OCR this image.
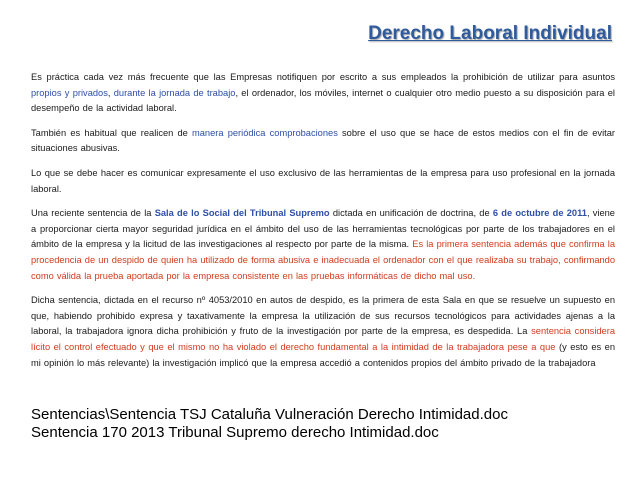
Derecho Laboral Individual

Es práctica cada vez más frecuente que las Empresas notifiquen por escrito a sus empleados la prohibición de utilizar para asuntos propios y privados, durante la jornada de trabajo, el ordenador, los móviles, internet o cualquier otro medio puesto a su disposición para el desempeño de la actividad laboral.

También es habitual que realicen de manera periódica comprobaciones sobre el uso que se hace de estos medios con el fin de evitar situaciones abusivas.

Lo que se debe hacer es comunicar expresamente el uso exclusivo de las herramientas de la empresa para uso profesional en la jornada laboral.

Una reciente sentencia de la Sala de lo Social del Tribunal Supremo dictada en unificación de doctrina, de 6 de octubre de 2011, viene a proporcionar cierta mayor seguridad jurídica en el ámbito del uso de las herramientas tecnológicas por parte de los trabajadores en el ámbito de la empresa y la licitud de las investigaciones al respecto por parte de la misma. Es la primera sentencia además que confirma la procedencia de un despido de quien ha utilizado de forma abusiva e inadecuada el ordenador con el que realizaba su trabajo, confirmando como válida la prueba aportada por la empresa consistente en las pruebas informáticas de dicho mal uso.

Dicha sentencia, dictada en el recurso nº 4053/2010 en autos de despido, es la primera de esta Sala en que se resuelve un supuesto en que, habiendo prohibido expresa y taxativamente la empresa la utilización de sus recursos tecnológicos para actividades ajenas a la laboral, la trabajadora ignora dicha prohibición y fruto de la investigación por parte de la empresa, es despedida. La sentencia considera lícito el control efectuado y que el mismo no ha violado el derecho fundamental a la intimidad de la trabajadora pese a que (y esto es en mi opinión lo más relevante) la investigación implicó que la empresa accedió a contenidos propios del ámbito privado de la trabajadora

Sentencias\Sentencia TSJ Cataluña Vulneración Derecho Intimidad.doc
Sentencia 170 2013 Tribunal Supremo derecho Intimidad.doc
